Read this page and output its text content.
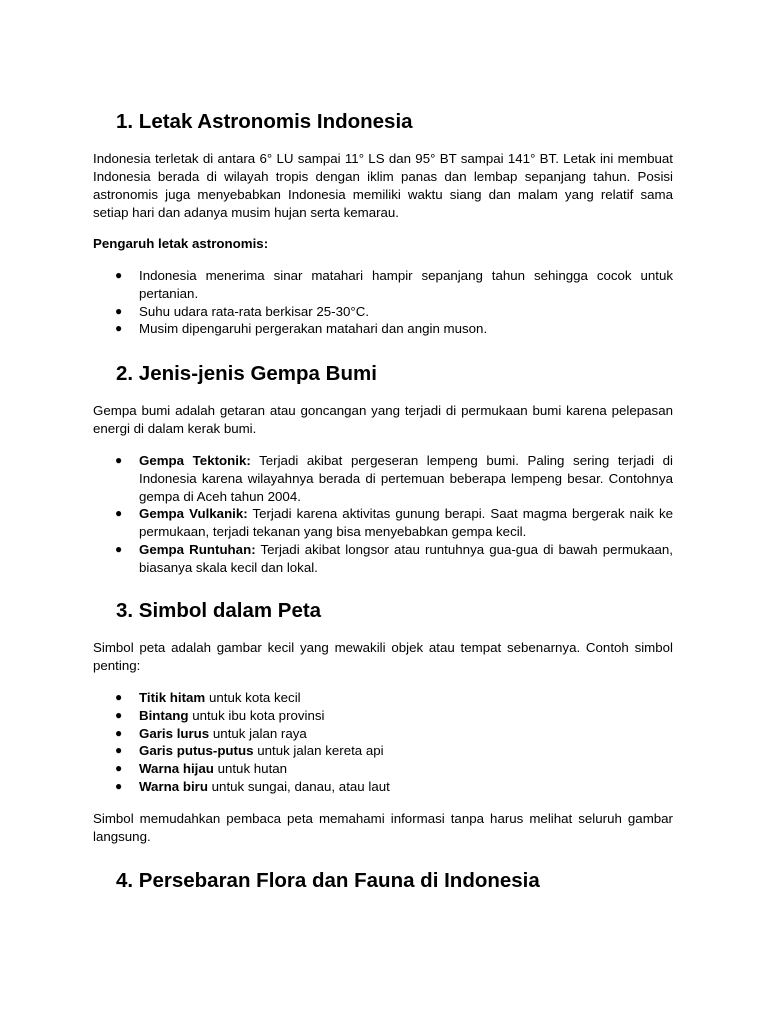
1. Letak Astronomis Indonesia

Indonesia terletak di antara 6° LU sampai 11° LS dan 95° BT sampai 141° BT. Letak ini membuat Indonesia berada di wilayah tropis dengan iklim panas dan lembap sepanjang tahun. Posisi astronomis juga menyebabkan Indonesia memiliki waktu siang dan malam yang relatif sama setiap hari dan adanya musim hujan serta kemarau.

Pengaruh letak astronomis:

● Indonesia menerima sinar matahari hampir sepanjang tahun sehingga cocok untuk pertanian.
● Suhu udara rata-rata berkisar 25-30°C.
● Musim dipengaruhi pergerakan matahari dan angin muson.
2. Jenis-jenis Gempa Bumi

Gempa bumi adalah getaran atau goncangan yang terjadi di permukaan bumi karena pelepasan energi di dalam kerak bumi.

● Gempa Tektonik: Terjadi akibat pergeseran lempeng bumi. Paling sering terjadi di Indonesia karena wilayahnya berada di pertemuan beberapa lempeng besar. Contohnya gempa di Aceh tahun 2004.
● Gempa Vulkanik: Terjadi karena aktivitas gunung berapi. Saat magma bergerak naik ke permukaan, terjadi tekanan yang bisa menyebabkan gempa kecil.
● Gempa Runtuhan: Terjadi akibat longsor atau runtuhnya gua-gua di bawah permukaan, biasanya skala kecil dan lokal.
3. Simbol dalam Peta

Simbol peta adalah gambar kecil yang mewakili objek atau tempat sebenarnya. Contoh simbol penting:

● Titik hitam untuk kota kecil
● Bintang untuk ibu kota provinsi
● Garis lurus untuk jalan raya
● Garis putus-putus untuk jalan kereta api
● Warna hijau untuk hutan
● Warna biru untuk sungai, danau, atau laut

Simbol memudahkan pembaca peta memahami informasi tanpa harus melihat seluruh gambar langsung.

4. Persebaran Flora dan Fauna di Indonesia
